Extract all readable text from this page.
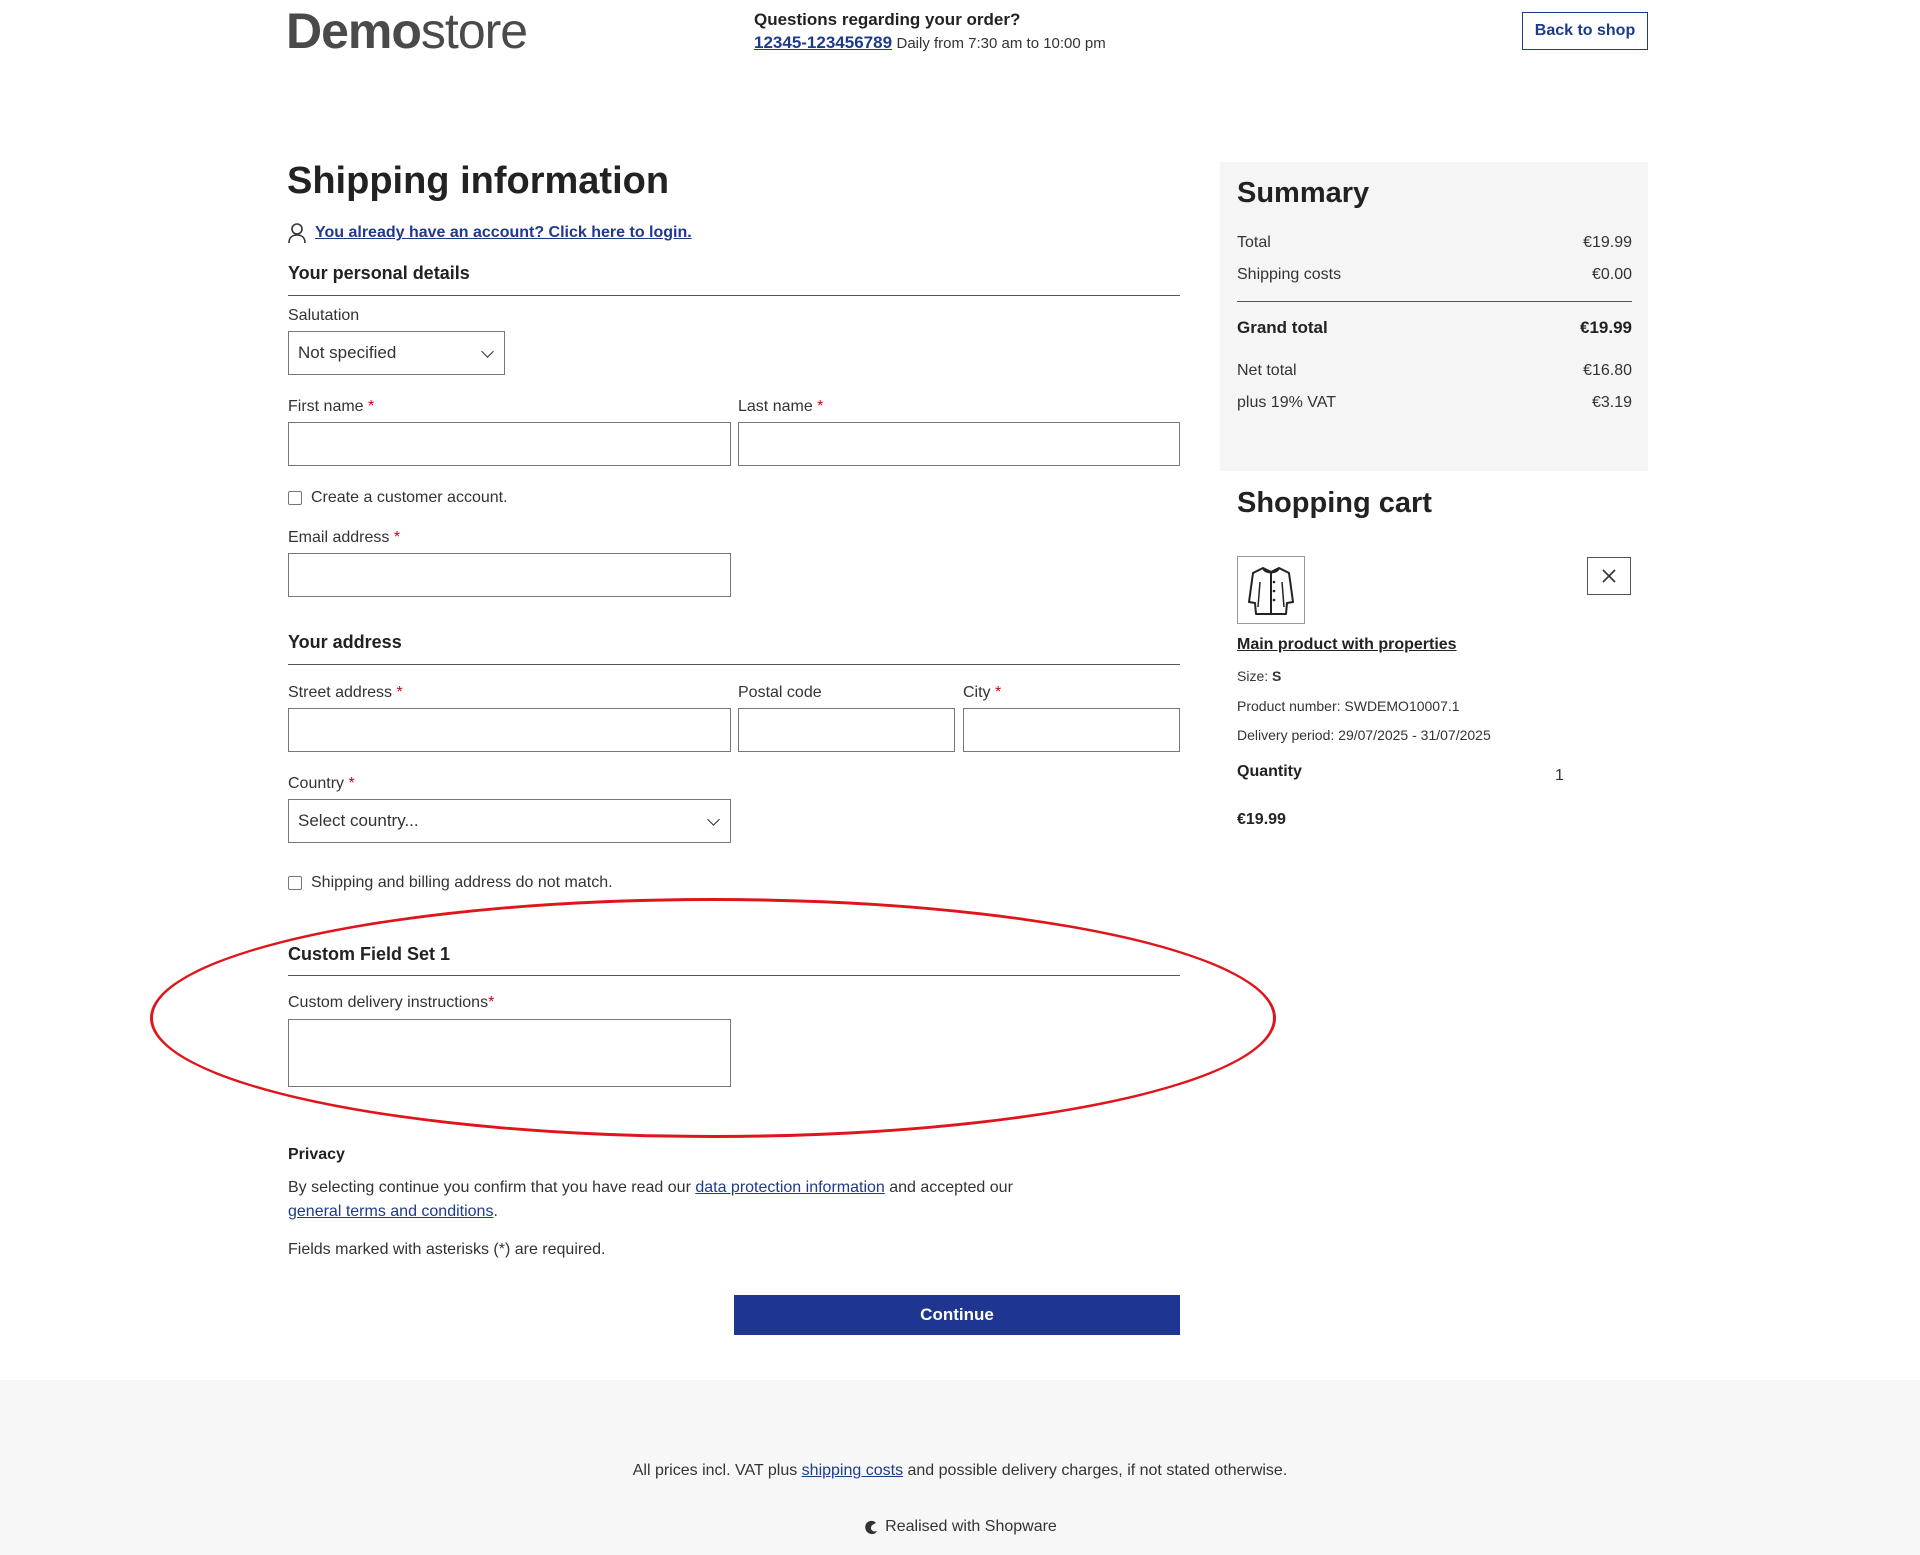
Demostore	Questions regarding your order?
12345-123456789 Daily from 7:30 am to 10:00 pm
Back to shop
Shipping information
You already have an account? Click here to login.
Your personal details
Salutation
Not specified
First name *	Last name *
Create a customer account.
Email address *
Your address
Street address *	Postal code	City *
Country *
Select country...
Shipping and billing address do not match.
Custom Field Set 1
Custom delivery instructions*
Privacy
By selecting continue you confirm that you have read our data protection information and accepted our
general terms and conditions.
Fields marked with asterisks (*) are required.
Continue
Summary
Total	€19.99
Shipping costs	€0.00
Grand total	€19.99
Net total	€16.80
plus 19% VAT	€3.19
Shopping cart
Main product with properties
Size: S
Product number: SWDEMO10007.1
Delivery period: 29/07/2025 - 31/07/2025
Quantity	1
€19.99
All prices incl. VAT plus shipping costs and possible delivery charges, if not stated otherwise.
Realised with Shopware
